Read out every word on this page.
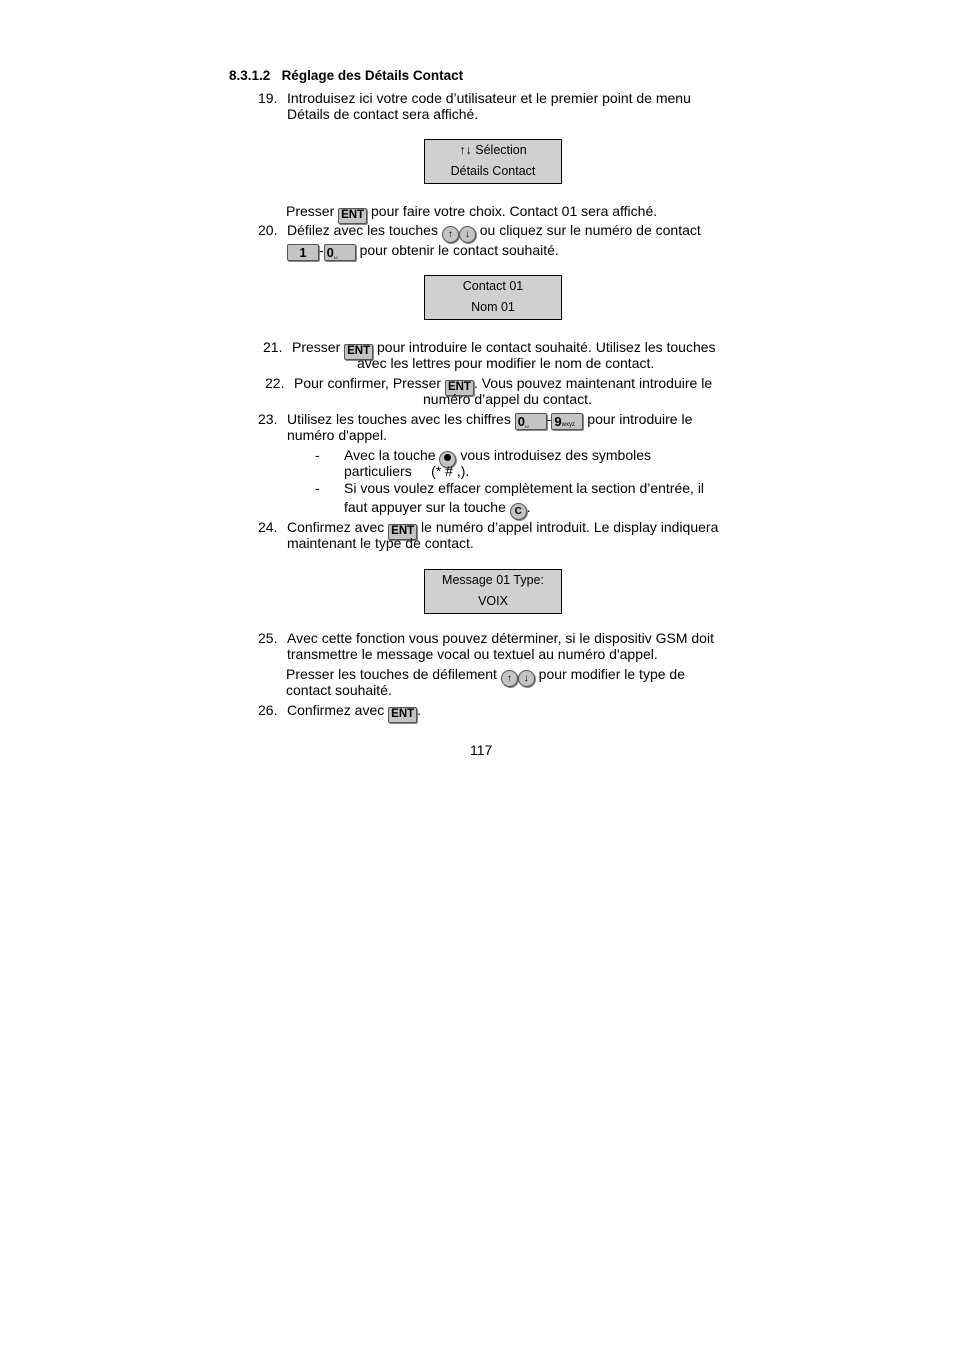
8.3.1.2 Réglage des Détails Contact
19. Introduisez ici votre code d’utilisateur et le premier point de menu
Détails de contact sera affiché.
↑↓ Sélection
Détails Contact
Presser ENT pour faire votre choix. Contact 01 sera affiché.
20. Défilez avec les touches ↑ ↓ ou cliquez sur le numéro de contact
1 - 0␣ pour obtenir le contact souhaité.
Contact 01
Nom 01
21. Presser ENT pour introduire le contact souhaité. Utilisez les touches
avec les lettres pour modifier le nom de contact.
22. Pour confirmer, Presser ENT . Vous pouvez maintenant introduire le
numéro d’appel du contact.
23. Utilisez les touches avec les chiffres 0␣ - 9wxyz pour introduire le
numéro d'appel.
- Avec la touche vous introduisez des symboles
particuliers (* # ,).
- Si vous voulez effacer complètement la section d’entrée, il
faut appuyer sur la touche C .
24. Confirmez avec ENT le numéro d’appel introduit. Le display indiquera
maintenant le type de contact.
Message 01 Type:
VOIX
25. Avec cette fonction vous pouvez déterminer, si le dispositiv GSM doit
transmettre le message vocal ou textuel au numéro d'appel.
Presser les touches de défilement ↑ ↓ pour modifier le type de
contact souhaité.
26. Confirmez avec ENT .
117
